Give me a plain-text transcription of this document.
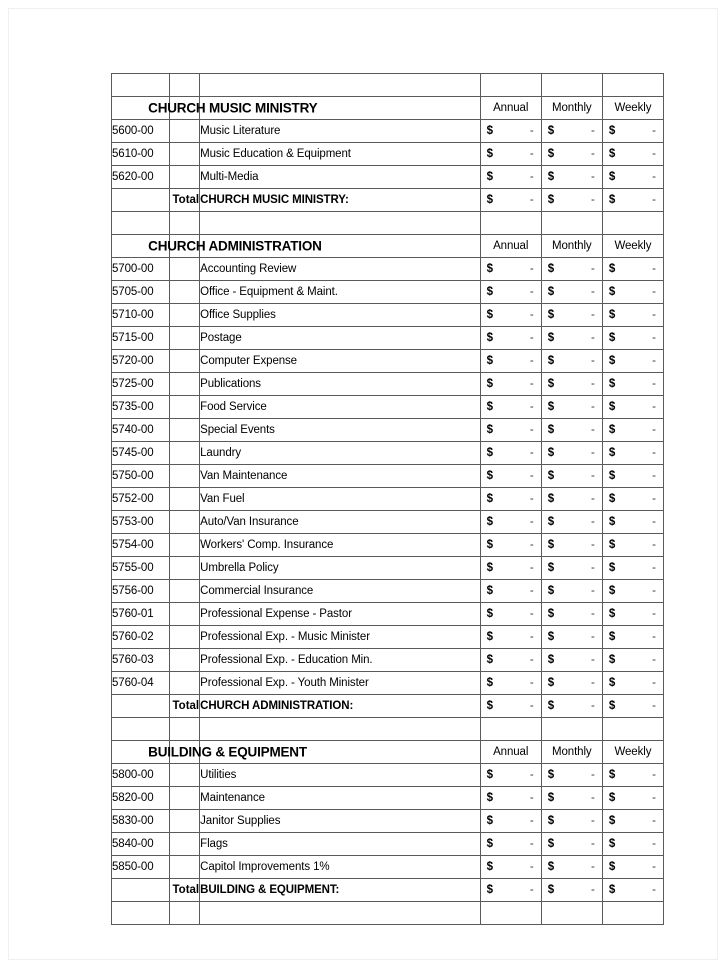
		CHURCH MUSIC MINISTRY	Annual	Monthly	Weekly
5600-00		Music Literature	$ -	$ -	$ -

5610-00		Music Education & Equipment	$ -	$ -	$ -

5620-00		Multi-Media	$ -	$ -	$ -

	Total	CHURCH MUSIC MINISTRY:	$ -	$ -	$ -

		CHURCH ADMINISTRATION	Annual	Monthly	Weekly
5700-00		Accounting Review	$ -	$ -	$ -

5705-00		Office - Equipment & Maint.	$ -	$ -	$ -

5710-00		Office Supplies	$ -	$ -	$ -

5715-00		Postage	$ -	$ -	$ -

5720-00		Computer Expense	$ -	$ -	$ -

5725-00		Publications	$ -	$ -	$ -

5735-00		Food Service	$ -	$ -	$ -

5740-00		Special Events	$ -	$ -	$ -

5745-00		Laundry	$ -	$ -	$ -

5750-00		Van Maintenance	$ -	$ -	$ -

5752-00		Van Fuel	$ -	$ -	$ -

5753-00		Auto/Van Insurance	$ -	$ -	$ -

5754-00		Workers' Comp. Insurance	$ -	$ -	$ -

5755-00		Umbrella Policy	$ -	$ -	$ -

5756-00		Commercial Insurance	$ -	$ -	$ -

5760-01		Professional Expense - Pastor	$ -	$ -	$ -

5760-02		Professional Exp. - Music Minister	$ -	$ -	$ -

5760-03		Professional Exp. - Education Min.	$ -	$ -	$ -

5760-04		Professional Exp. - Youth Minister	$ -	$ -	$ -

	Total	CHURCH ADMINISTRATION:	$ -	$ -	$ -

		BUILDING & EQUIPMENT	Annual	Monthly	Weekly
5800-00		Utilities	$ -	$ -	$ -

5820-00		Maintenance	$ -	$ -	$ -

5830-00		Janitor Supplies	$ -	$ -	$ -

5840-00		Flags	$ -	$ -	$ -

5850-00		Capitol Improvements 1%	$ -	$ -	$ -

	Total	BUILDING & EQUIPMENT:	$ -	$ -	$ -
